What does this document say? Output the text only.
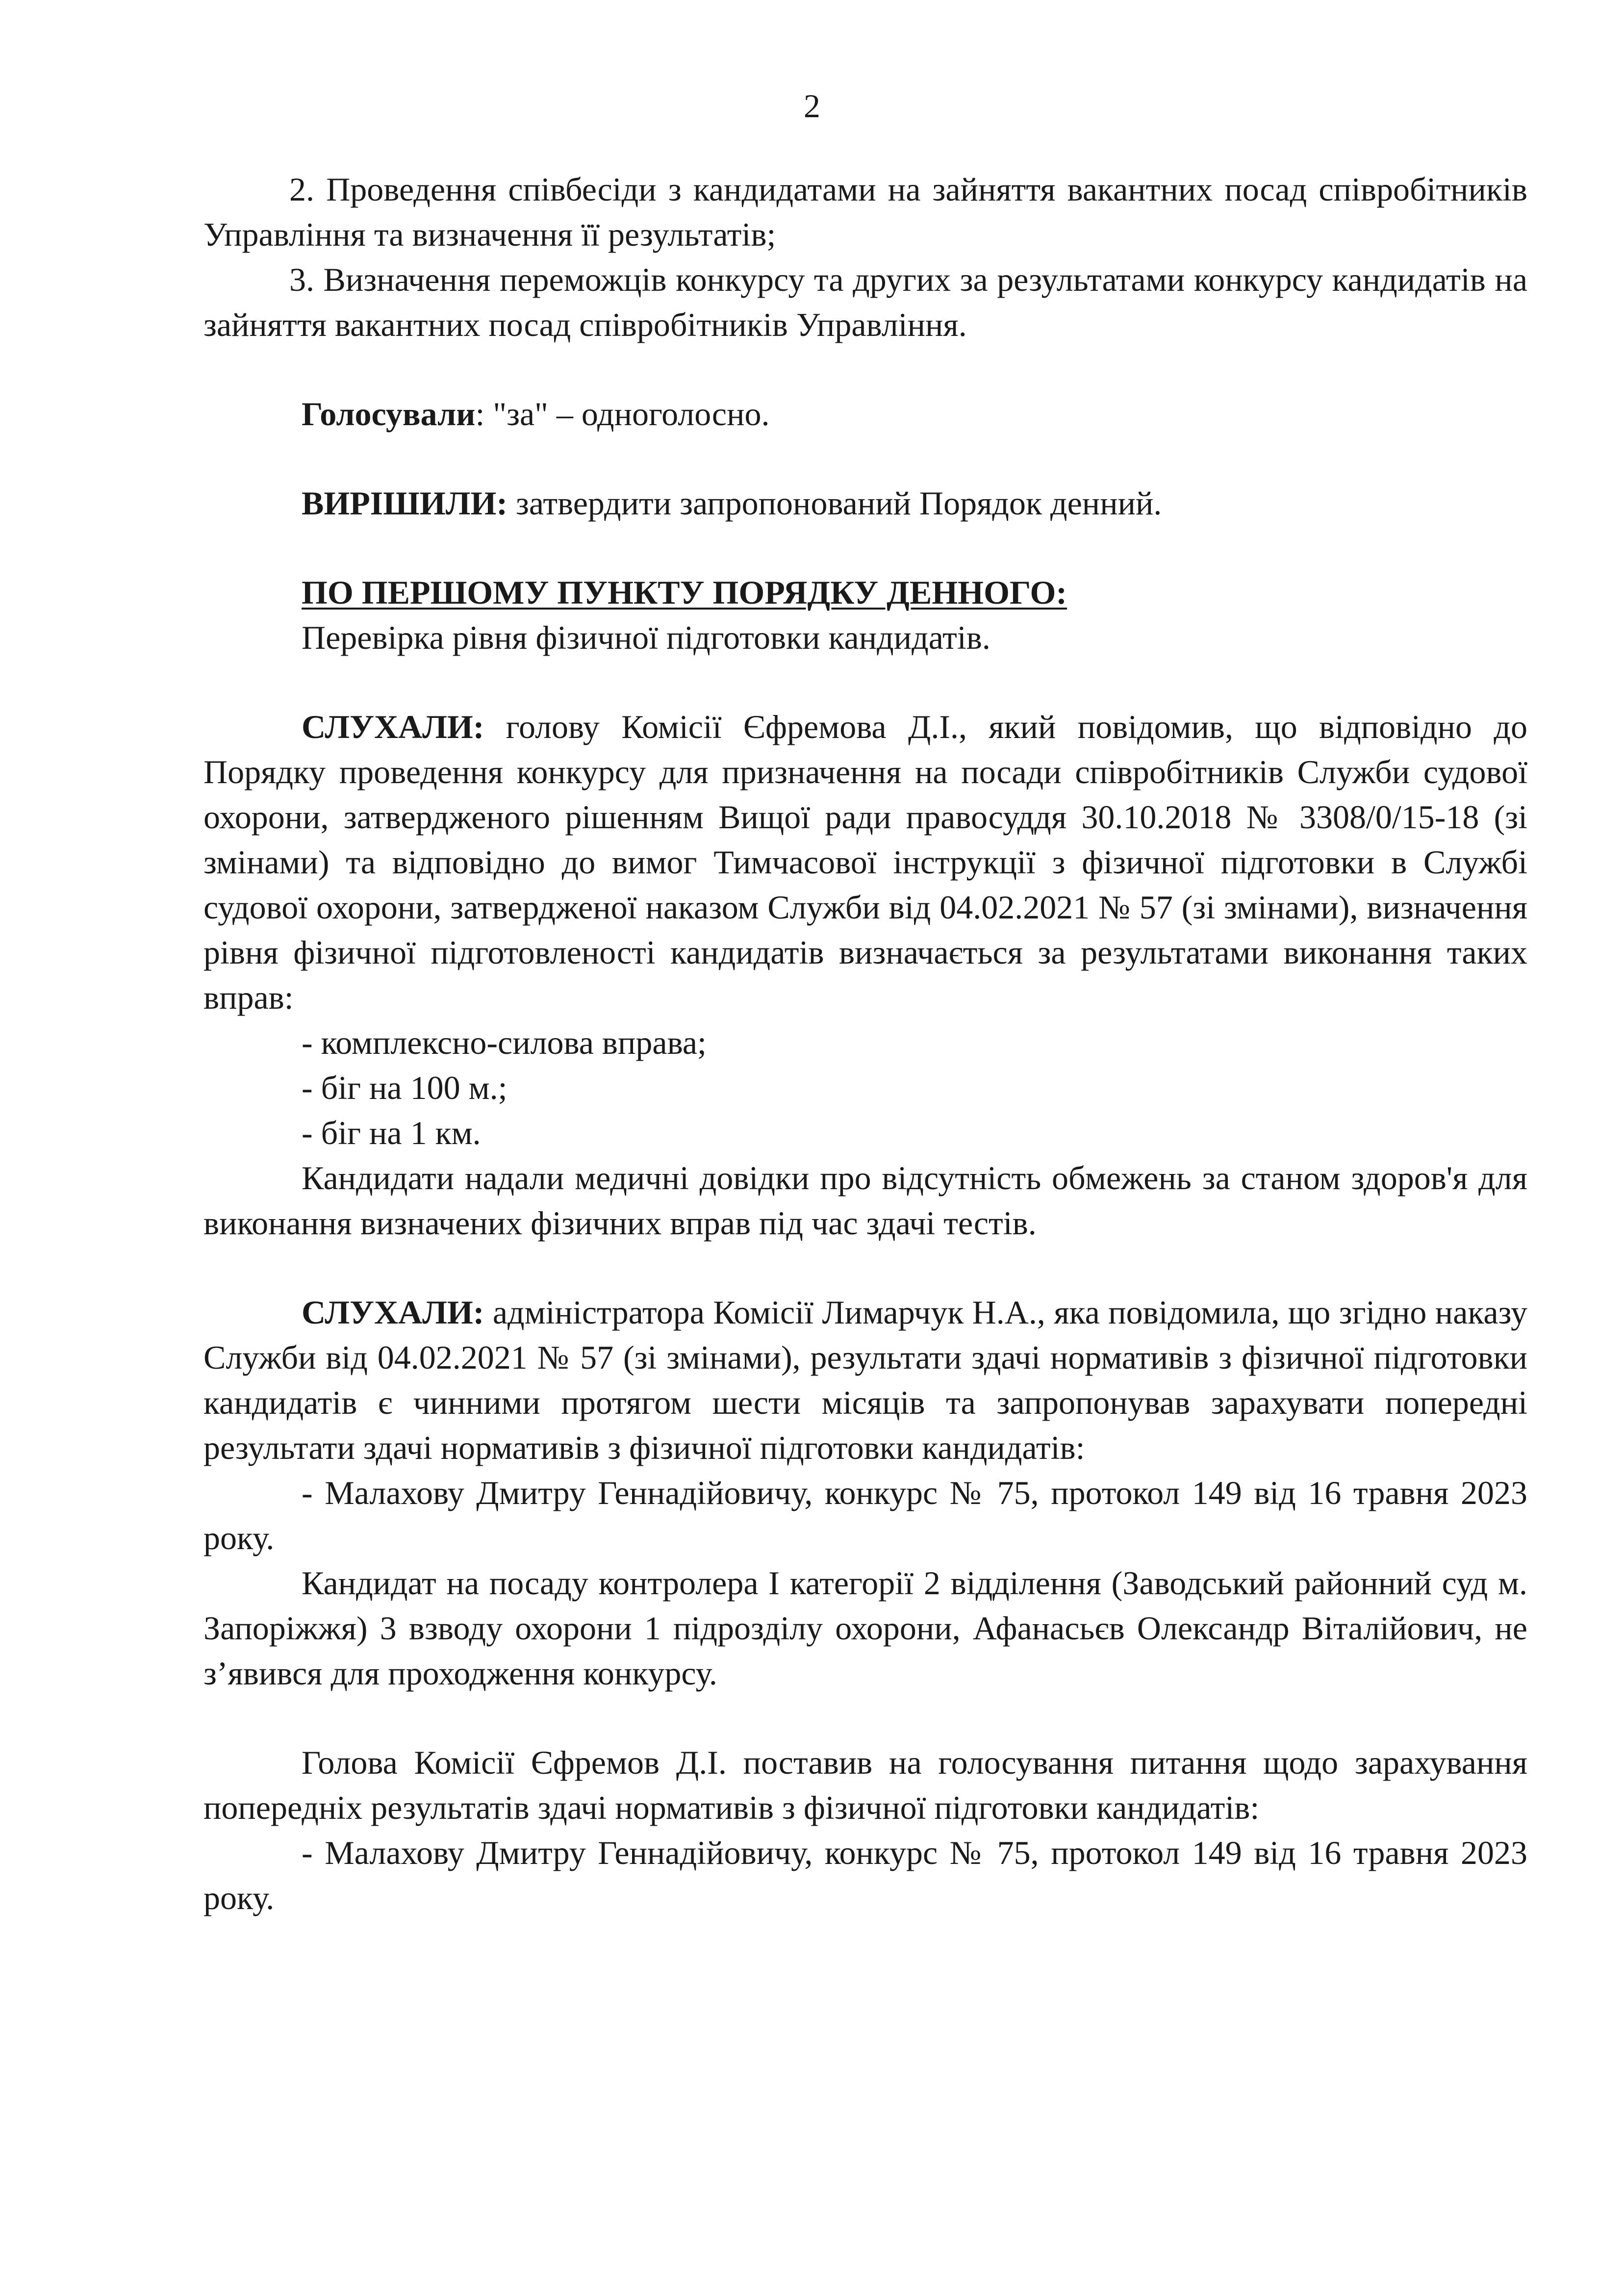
2

2. Проведення співбесіди з кандидатами на зайняття вакантних посад співробітників Управління та визначення її результатів;

3. Визначення переможців конкурсу та других за результатами конкурсу кандидатів на зайняття вакантних посад співробітників Управління.

Голосували: "за" – одноголосно.

ВИРІШИЛИ: затвердити запропонований Порядок денний.

ПО ПЕРШОМУ ПУНКТУ ПОРЯДКУ ДЕННОГО:

Перевірка рівня фізичної підготовки кандидатів.

СЛУХАЛИ: голову Комісії Єфремова Д.І., який повідомив, що відповідно до Порядку проведення конкурсу для призначення на посади співробітників Служби судової охорони, затвердженого рішенням Вищої ради правосуддя 30.10.2018 № 3308/0/15-18 (зі змінами) та відповідно до вимог Тимчасової інструкції з фізичної підготовки в Службі судової охорони, затвердженої наказом Служби від 04.02.2021 № 57 (зі змінами), визначення рівня фізичної підготовленості кандидатів визначається за результатами виконання таких вправ:

- комплексно-силова вправа;

- біг на 100 м.;

- біг на 1 км.

Кандидати надали медичні довідки про відсутність обмежень за станом здоров'я для виконання визначених фізичних вправ під час здачі тестів.

СЛУХАЛИ: адміністратора Комісії Лимарчук Н.А., яка повідомила, що згідно наказу Служби від 04.02.2021 № 57 (зі змінами), результати здачі нормативів з фізичної підготовки кандидатів є чинними протягом шести місяців та запропонував зарахувати попередні результати здачі нормативів з фізичної підготовки кандидатів:

- Малахову Дмитру Геннадійовичу, конкурс № 75, протокол 149 від 16 травня 2023 року.

Кандидат на посаду контролера І категорії 2 відділення (Заводський районний суд м. Запоріжжя) 3 взводу охорони 1 підрозділу охорони, Афанасьєв Олександр Віталійович, не з’явився для проходження конкурсу.

Голова Комісії Єфремов Д.І. поставив на голосування питання щодо зарахування попередніх результатів здачі нормативів з фізичної підготовки кандидатів:

- Малахову Дмитру Геннадійовичу, конкурс № 75, протокол 149 від 16 травня 2023 року.
